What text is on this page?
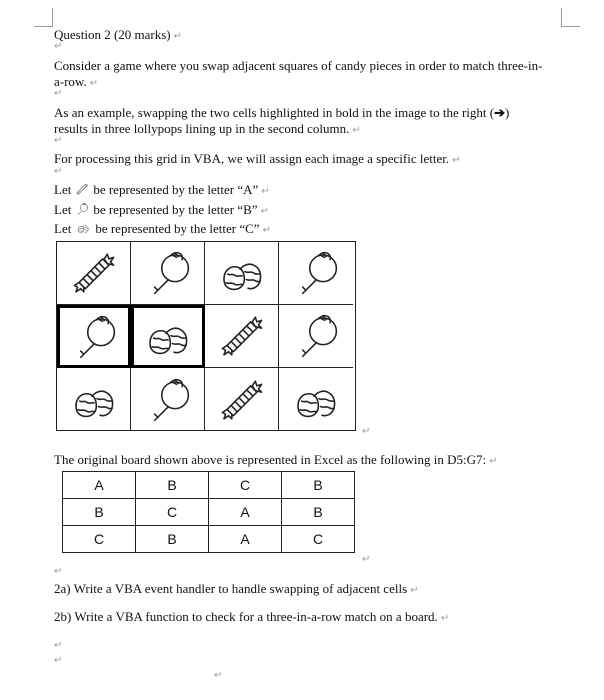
Question 2 (20 marks) ↵
↵
Consider a game where you swap adjacent squares of candy pieces in order to match three-in-
a-row. ↵
↵
As an example, swapping the two cells highlighted in bold in the image to the right (➔)
results in three lollypops lining up in the second column. ↵
↵
For processing this grid in VBA, we will assign each image a specific letter. ↵
↵
Let be represented by the letter “A” ↵
Let be represented by the letter “B” ↵
Let be represented by the letter “C” ↵
↵
The original board shown above is represented in Excel as the following in D5:G7: ↵
A	B	C	B
B	C	A	B
C	B	A	C
↵
↵
2a) Write a VBA event handler to handle swapping of adjacent cells ↵
2b) Write a VBA function to check for a three-in-a-row match on a board. ↵
↵
↵
↵
